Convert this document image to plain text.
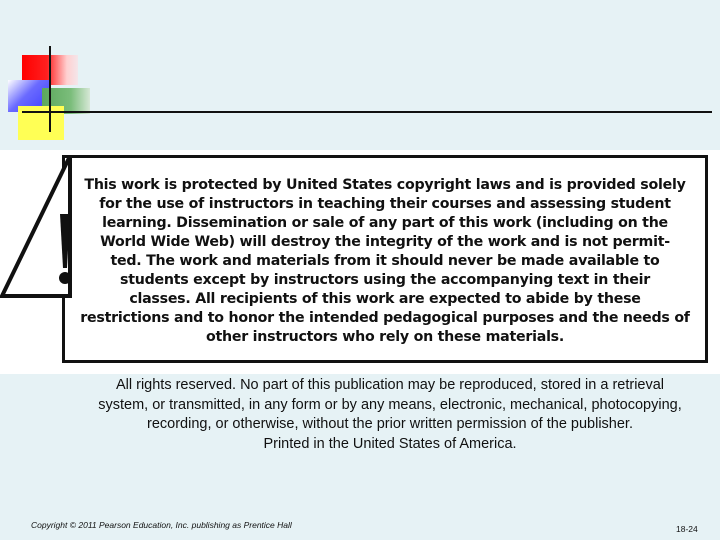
This work is protected by United States copyright laws and is provided solely
for the use of instructors in teaching their courses and assessing student
learning. Dissemination or sale of any part of this work (including on the
World Wide Web) will destroy the integrity of the work and is not permit-
ted. The work and materials from it should never be made available to
students except by instructors using the accompanying text in their
classes. All recipients of this work are expected to abide by these
restrictions and to honor the intended pedagogical purposes and the needs of
other instructors who rely on these materials.
All rights reserved. No part of this publication may be reproduced, stored in a retrieval
system, or transmitted, in any form or by any means, electronic, mechanical, photocopying,
recording, or otherwise, without the prior written permission of the publisher.
Printed in the United States of America.
Copyright © 2011 Pearson Education, Inc. publishing as Prentice Hall	18-24
